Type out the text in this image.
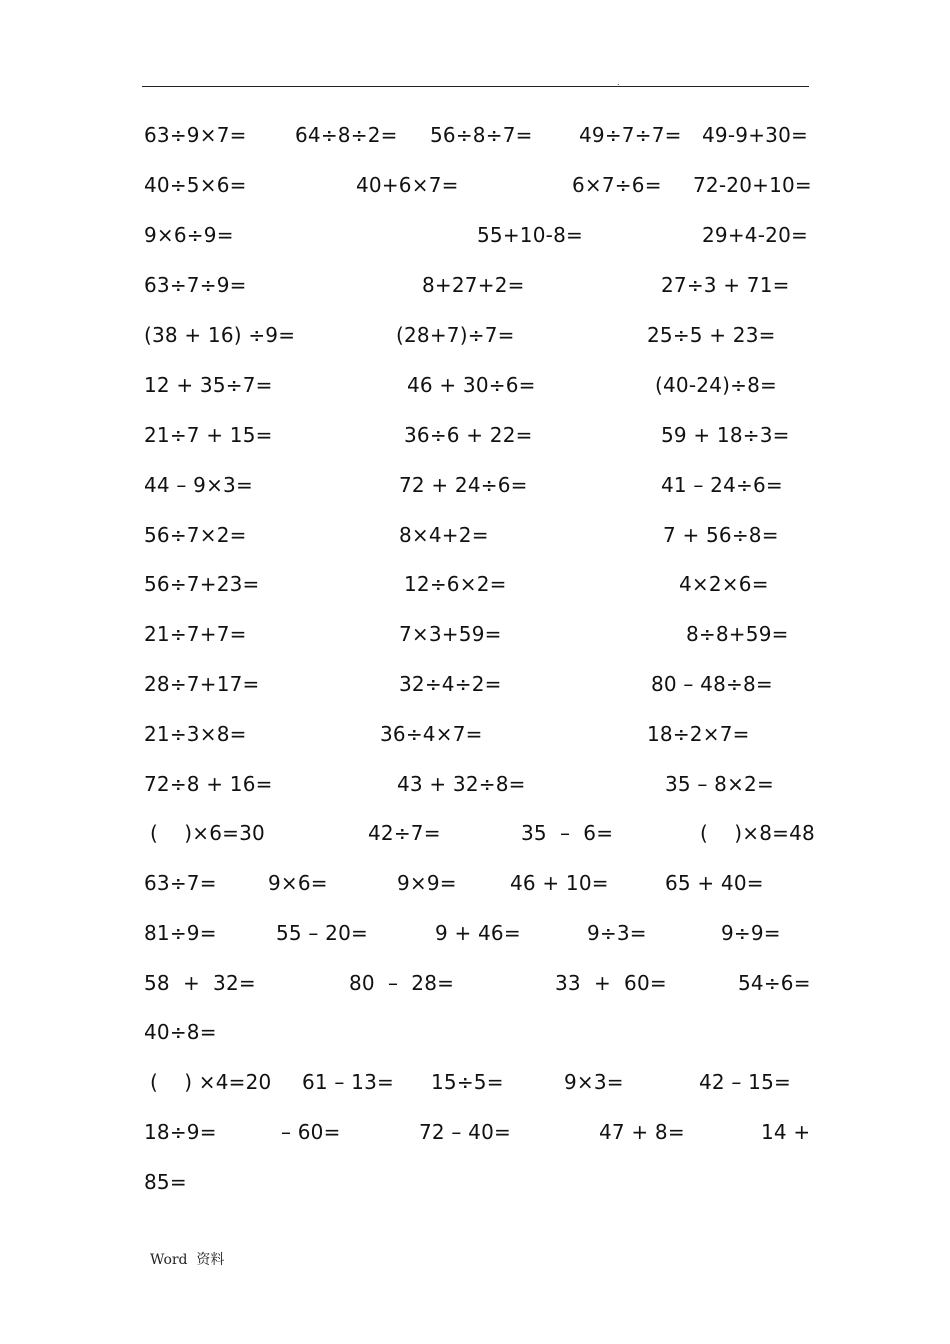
.
63÷9×7= 64÷8÷2= 56÷8÷7= 49÷7÷7= 49-9+30=
40÷5×6=	40+6×7=	6×7÷6= 72-20+10=
9×6÷9=	55+10-8=	29+4-20=
63÷7÷9=	8+27+2=	27÷3 + 71=
(38 + 16) ÷9=	(28+7)÷7=	25÷5 + 23=
12 + 35÷7=	46 + 30÷6=	(40-24)÷8=
21÷7 + 15=	36÷6 + 22=	59 + 18÷3=
44 – 9×3=	72 + 24÷6=	41 – 24÷6=
56÷7×2=	8×4+2=	7 + 56÷8=
56÷7+23=	12÷6×2=	4×2×6=
21÷7+7=	7×3+59=	8÷8+59=
28÷7+17=	32÷4÷2=	80 – 48÷8=
21÷3×8=	36÷4×7=	18÷2×7=
72÷8 + 16=	43 + 32÷8=	35 – 8×2=
(    )×6=30	42÷7=	35  –  6=	(    )×8=48
63÷7=	9×6=	9×9=	46 + 10=	65 + 40=
81÷9=	55 – 20=	9 + 46=	9÷3=	9÷9=
58  +  32=	80  –  28=	33  +  60=	54÷6=
40÷8=
(    ) ×4=20 61 – 13= 15÷5=	9×3=	42 – 15=
18÷9=	– 60=	72 – 40=	47 + 8=	14 +
85=
Word  资料
